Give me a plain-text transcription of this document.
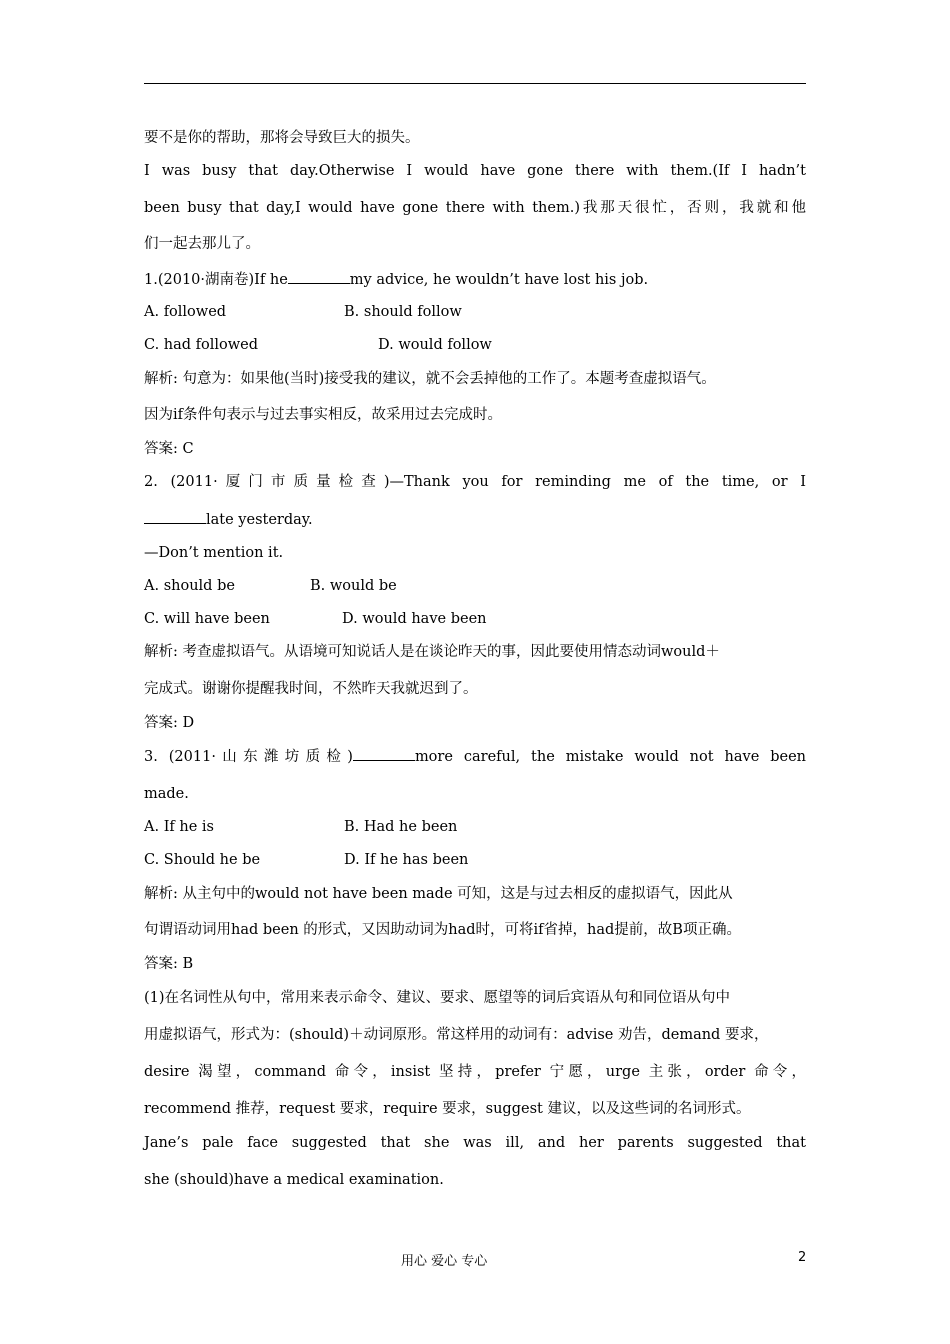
要不是你的帮助，那将会导致巨大的损失。
I was busy that day.Otherwise I would have gone there with them.(If I hadn’t
been busy that day,I would have gone there with them.)我那天很忙，否则，我就和他
们一起去那儿了。
1.(2010·湖南卷)If he	my advice, he wouldn’t have lost his job.
A. followed	B. should follow
C. had followed	D. would follow
解析: 句意为：如果他(当时)接受我的建议，就不会丢掉他的工作了。本题考查虚拟语气。
因为if条件句表示与过去事实相反，故采用过去完成时。
答案: C
2. (2011·厦门市质量检查)—Thank you for reminding me of the time, or I
late yesterday.
—Don’t mention it.
A. should be	B. would be
C. will have been	D. would have been
解析: 考查虚拟语气。从语境可知说话人是在谈论昨天的事，因此要使用情态动词would＋
完成式。谢谢你提醒我时间，不然昨天我就迟到了。
答案: D
3. (2011·山东潍坊质检)	more careful, the mistake would not have been
made.
A. If he is	B. Had he been
C. Should he be	D. If he has been
解析: 从主句中的would not have been made 可知，这是与过去相反的虚拟语气，因此从
句谓语动词用had been 的形式，又因助动词为had时，可将if省掉，had提前，故B项正确。
答案: B
(1)在名词性从句中，常用来表示命令、建议、要求、愿望等的词后宾语从句和同位语从句中
用虚拟语气，形式为：(should)＋动词原形。常这样用的动词有：advise 劝告，demand 要求，
desire 渴望，command 命令，insist 坚持，prefer 宁愿，urge 主张，order 命令，
recommend 推荐，request 要求，require 要求，suggest 建议，以及这些词的名词形式。
Jane’s pale face suggested that she was ill, and her parents suggested that
she (should)have a medical examination.
用心 爱心 专心	2
